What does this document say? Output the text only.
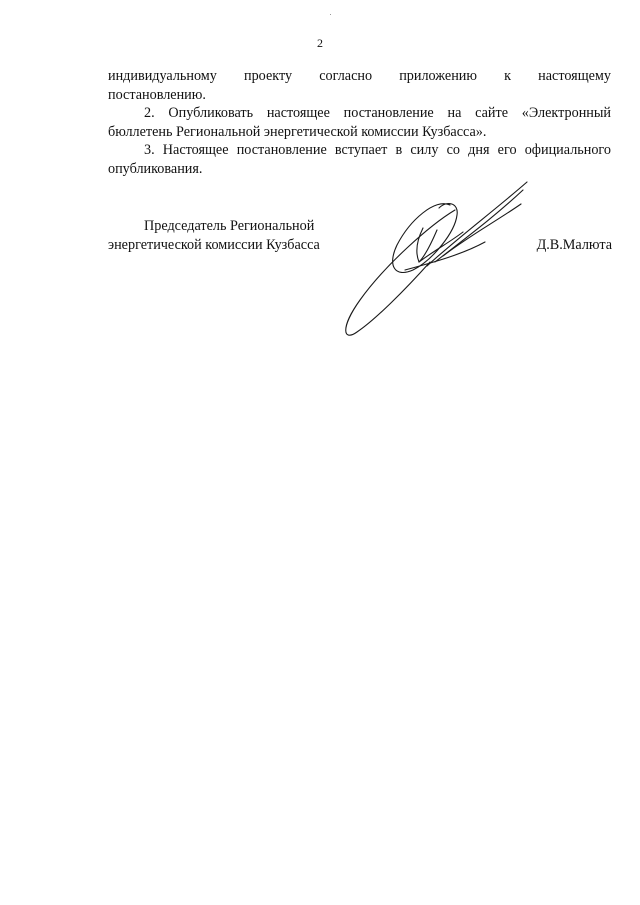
2

индивидуальному проекту согласно приложению к настоящему
постановлению.

2. Опубликовать настоящее постановление на сайте «Электронный бюллетень Региональной энергетической комиссии Кузбасса».

3. Настоящее постановление вступает в силу со дня его официального опубликования.

Председатель Региональной
энергетической комиссии Кузбасса	Д.В.Малюта
